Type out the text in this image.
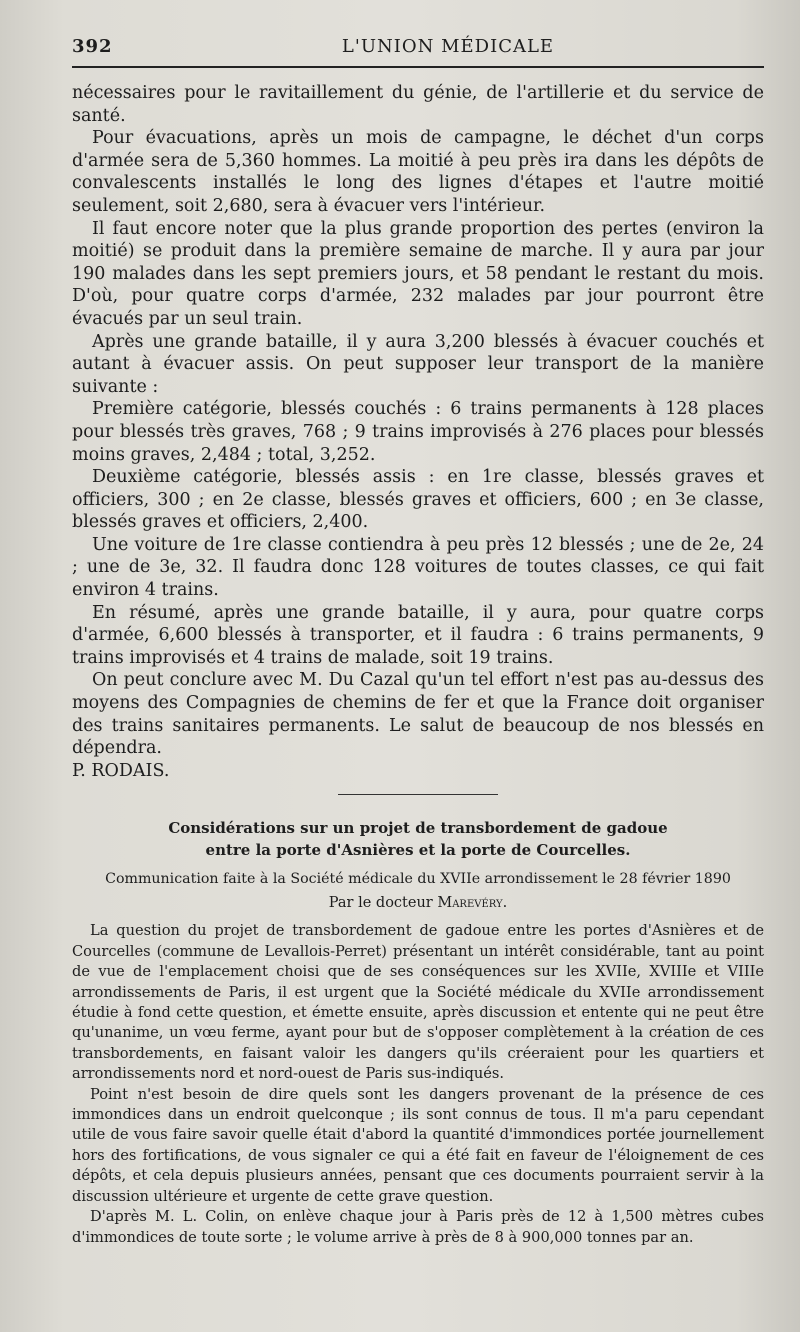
392	L'UNION MÉDICALE

nécessaires pour le ravitaillement du génie, de l'artillerie et du service de santé.

Pour évacuations, après un mois de campagne, le déchet d'un corps d'armée sera de 5,360 hommes. La moitié à peu près ira dans les dépôts de convalescents installés le long des lignes d'étapes et l'autre moitié seulement, soit 2,680, sera à évacuer vers l'intérieur.

Il faut encore noter que la plus grande proportion des pertes (environ la moitié) se produit dans la première semaine de marche. Il y aura par jour 190 malades dans les sept premiers jours, et 58 pendant le restant du mois. D'où, pour quatre corps d'armée, 232 malades par jour pourront être évacués par un seul train.

Après une grande bataille, il y aura 3,200 blessés à évacuer couchés et autant à évacuer assis. On peut supposer leur transport de la manière suivante :

Première catégorie, blessés couchés : 6 trains permanents à 128 places pour blessés très graves, 768 ; 9 trains improvisés à 276 places pour blessés moins graves, 2,484 ; total, 3,252.

Deuxième catégorie, blessés assis : en 1re classe, blessés graves et officiers, 300 ; en 2e classe, blessés graves et officiers, 600 ; en 3e classe, blessés graves et officiers, 2,400.

Une voiture de 1re classe contiendra à peu près 12 blessés ; une de 2e, 24 ; une de 3e, 32. Il faudra donc 128 voitures de toutes classes, ce qui fait environ 4 trains.

En résumé, après une grande bataille, il y aura, pour quatre corps d'armée, 6,600 blessés à transporter, et il faudra : 6 trains permanents, 9 trains improvisés et 4 trains de malade, soit 19 trains.

On peut conclure avec M. Du Cazal qu'un tel effort n'est pas au-dessus des moyens des Compagnies de chemins de fer et que la France doit organiser des trains sanitaires permanents. Le salut de beaucoup de nos blessés en dépendra.

P. RODAIS.

Considérations sur un projet de transbordement de gadoue

entre la porte d'Asnières et la porte de Courcelles.

Communication faite à la Société médicale du XVIIe arrondissement le 28 février 1890

Par le docteur Marevéry.

La question du projet de transbordement de gadoue entre les portes d'Asnières et de Courcelles (commune de Levallois-Perret) présentant un intérêt considérable, tant au point de vue de l'emplacement choisi que de ses conséquences sur les XVIIe, XVIIIe et VIIIe arrondissements de Paris, il est urgent que la Société médicale du XVIIe arrondissement étudie à fond cette question, et émette ensuite, après discussion et entente qui ne peut être qu'unanime, un vœu ferme, ayant pour but de s'opposer complètement à la création de ces transbordements, en faisant valoir les dangers qu'ils créeraient pour les quartiers et arrondissements nord et nord-ouest de Paris sus-indiqués.

Point n'est besoin de dire quels sont les dangers provenant de la présence de ces immondices dans un endroit quelconque ; ils sont connus de tous. Il m'a paru cependant utile de vous faire savoir quelle était d'abord la quantité d'immondices portée journellement hors des fortifications, de vous signaler ce qui a été fait en faveur de l'éloignement de ces dépôts, et cela depuis plusieurs années, pensant que ces documents pourraient servir à la discussion ultérieure et urgente de cette grave question.

D'après M. L. Colin, on enlève chaque jour à Paris près de 12 à 1,500 mètres cubes d'immondices de toute sorte ; le volume arrive à près de 8 à 900,000 tonnes par an.
